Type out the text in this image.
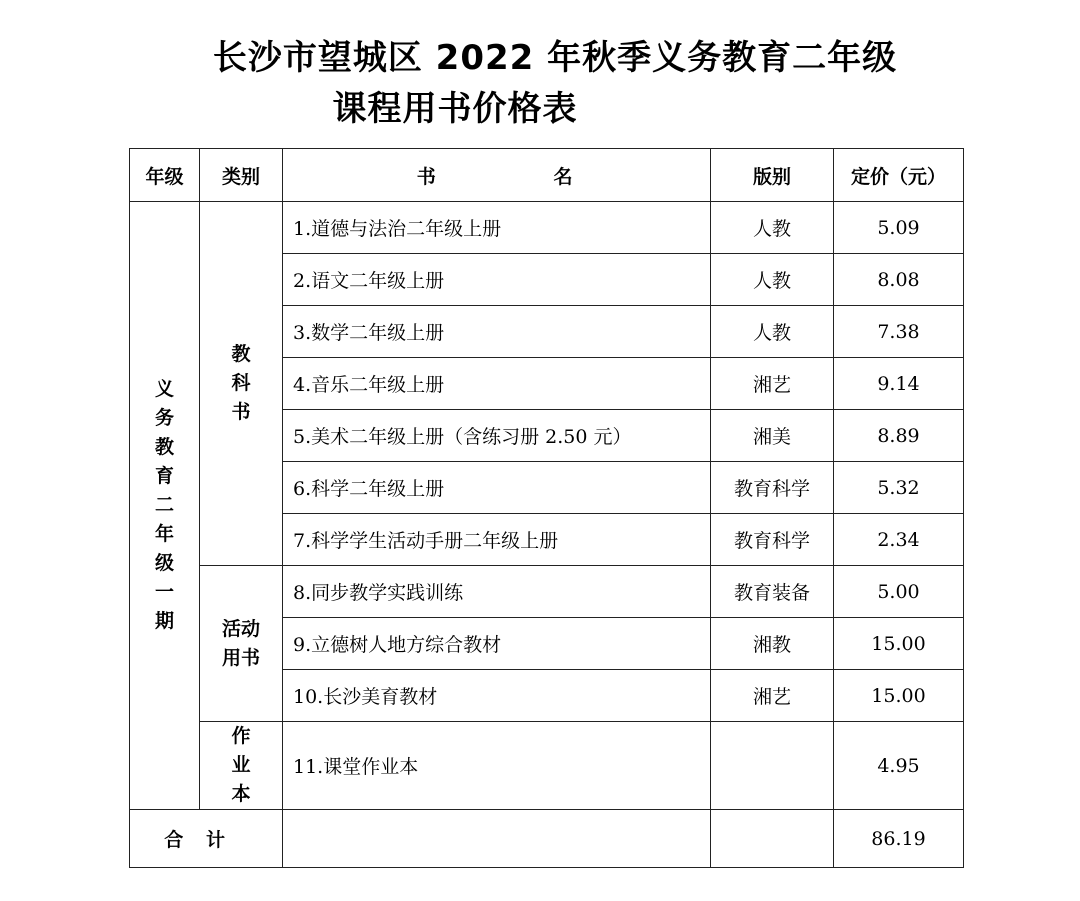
长沙市望城区 2022 年秋季义务教育二年级
课程用书价格表
年级	类别	书名	版别	定价（元）
义务教育二年级一期	教科书	1.道德与法治二年级上册	人教	5.09
		2.语文二年级上册	人教	8.08
		3.数学二年级上册	人教	7.38
		4.音乐二年级上册	湘艺	9.14
		5.美术二年级上册（含练习册 2.50 元）	湘美	8.89
		6.科学二年级上册	教育科学	5.32
		7.科学学生活动手册二年级上册	教育科学	2.34
	活动用书	8.同步教学实践训练	教育装备	5.00
		9.立德树人地方综合教材	湘教	15.00
		10.长沙美育教材	湘艺	15.00
	作业本	11.课堂作业本		4.95
合计				86.19
